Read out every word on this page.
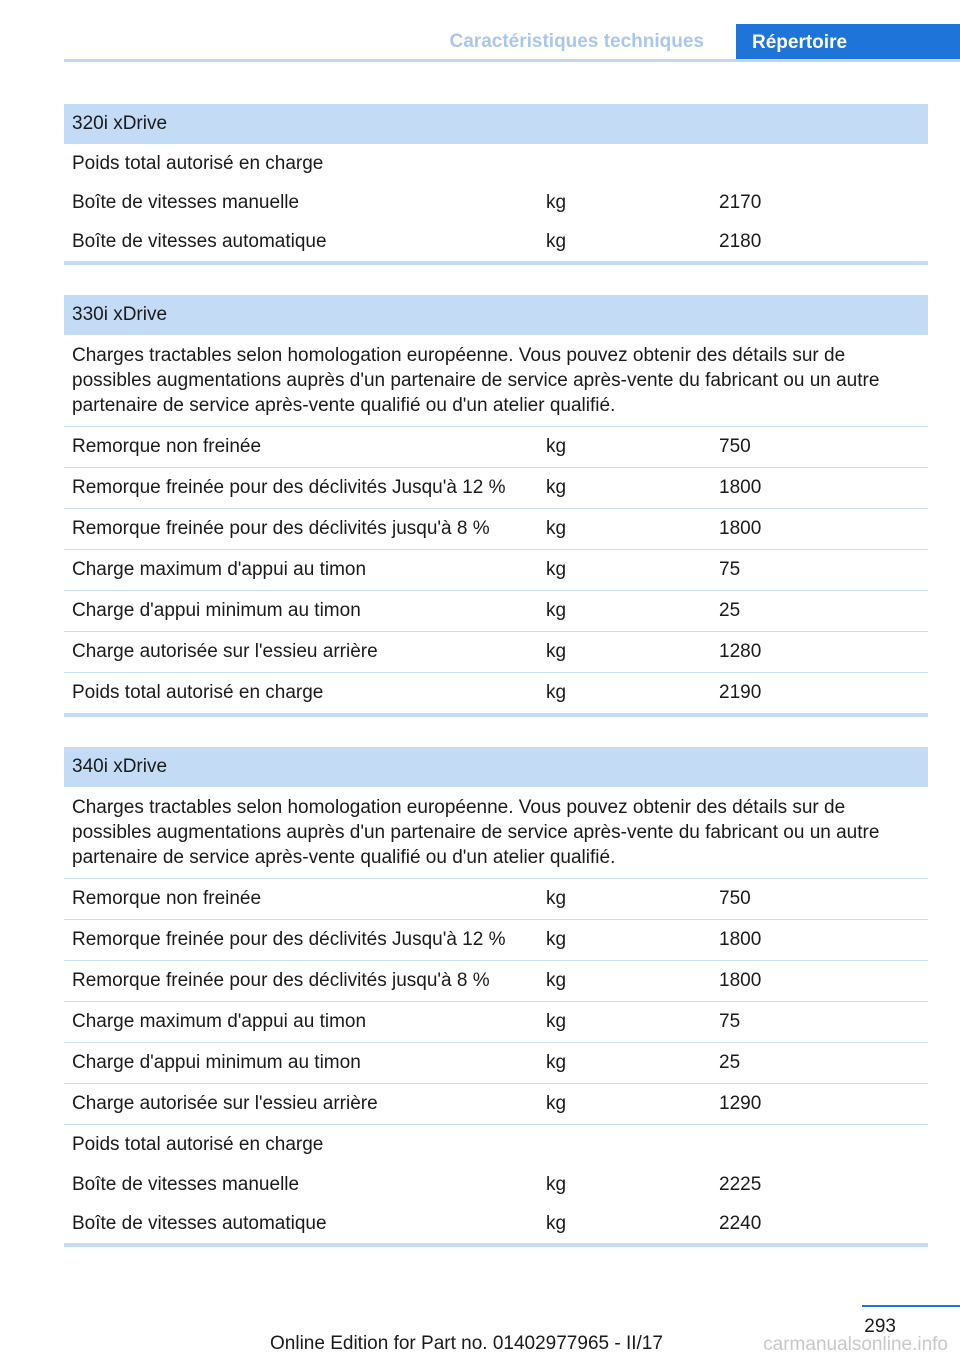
Caractéristiques techniques	Répertoire
320i xDrive		
Poids total autorisé en charge		
Boîte de vitesses manuelle	kg	2170
Boîte de vitesses automatique	kg	2180

330i xDrive		
Charges tractables selon homologation européenne. Vous pouvez obtenir des détails sur de possibles augmentations auprès d'un partenaire de service après-vente du fabricant ou un autre partenaire de service après-vente qualifié ou d'un atelier qualifié.		
Remorque non freinée	kg	750
Remorque freinée pour des déclivités Jusqu'à 12 %	kg	1800
Remorque freinée pour des déclivités jusqu'à 8 %	kg	1800
Charge maximum d'appui au timon	kg	75
Charge d'appui minimum au timon	kg	25
Charge autorisée sur l'essieu arrière	kg	1280
Poids total autorisé en charge	kg	2190

340i xDrive		
Charges tractables selon homologation européenne. Vous pouvez obtenir des détails sur de possibles augmentations auprès d'un partenaire de service après-vente du fabricant ou un autre partenaire de service après-vente qualifié ou d'un atelier qualifié.		
Remorque non freinée	kg	750
Remorque freinée pour des déclivités Jusqu'à 12 %	kg	1800
Remorque freinée pour des déclivités jusqu'à 8 %	kg	1800
Charge maximum d'appui au timon	kg	75
Charge d'appui minimum au timon	kg	25
Charge autorisée sur l'essieu arrière	kg	1290
Poids total autorisé en charge		
Boîte de vitesses manuelle	kg	2225
Boîte de vitesses automatique	kg	2240

293
Online Edition for Part no. 01402977965 - II/17	carmanualsonline.info
